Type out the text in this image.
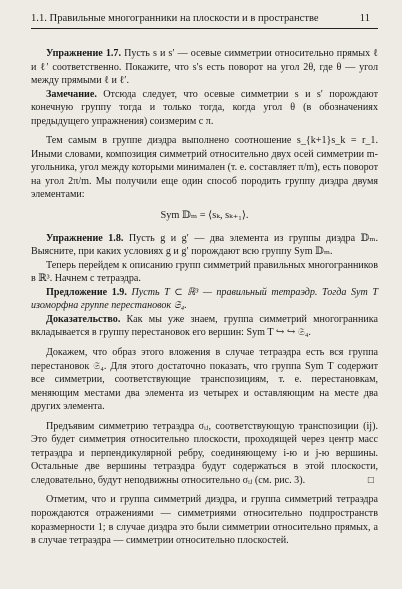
1.1. Правильные многогранники на плоскости и в пространстве	11

Упражнение 1.7. Пусть s и s′ — осевые симметрии относительно прямых ℓ и ℓ′ соответственно. Покажите, что s′s есть поворот на угол 2θ, где θ — угол между прямыми ℓ и ℓ′.

Замечание. Отсюда следует, что осевые симметрии s и s′ порождают конечную группу тогда и только тогда, когда угол θ (в обозначениях предыдущего упражнения) соизмерим с π.

Тем самым в группе диэдра выполнено соотношение s_{k+1}s_k = r_1. Иными словами, композиция симметрий относительно двух осей симметрии m-угольника, угол между которыми минимален (т. е. составляет π/m), есть поворот на угол 2π/m. Мы получили еще один способ породить группу диэдра двумя элементами:

Sym 𝔻ₘ = ⟨sₖ, sₖ₊₁⟩.

Упражнение 1.8. Пусть g и g′ — два элемента из группы диэдра 𝔻ₘ. Выясните, при каких условиях g и g′ порождают всю группу Sym 𝔻ₘ.

Теперь перейдем к описанию групп симметрий правильных многогранников в ℝ³. Начнем с тетраэдра.

Предложение 1.9. Пусть T ⊂ ℝ³ — правильный тетраэдр. Тогда Sym T изоморфна группе перестановок 𝔖₄.

Доказательство. Как мы уже знаем, группа симметрий многогранника вкладывается в группу перестановок его вершин: Sym T ↪ ↪ 𝔖₄.

Докажем, что образ этого вложения в случае тетраэдра есть вся группа перестановок 𝔖₄. Для этого достаточно показать, что группа Sym T содержит все симметрии, соответствующие транспозициям, т. е. перестановкам, меняющим местами два элемента из четырех и оставляющим на месте два других элемента.

Предъявим симметрию тетраэдра σᵢⱼ, соответствующую транспозиции (ij). Это будет симметрия относительно плоскости, проходящей через центр масс тетраэдра и перпендикулярной ребру, соединяющему i-ю и j-ю вершины. Остальные две вершины тетраэдра будут содержаться в этой плоскости, следовательно, будут неподвижны относительно σᵢⱼ (см. рис. 3).	□

Отметим, что и группа симметрий диэдра, и группа симметрий тетраэдра порождаются отражениями — симметриями относительно подпространств коразмерности 1; в случае диэдра это были симметрии относительно прямых, а в случае тетраэдра — симметрии относительно плоскостей.
